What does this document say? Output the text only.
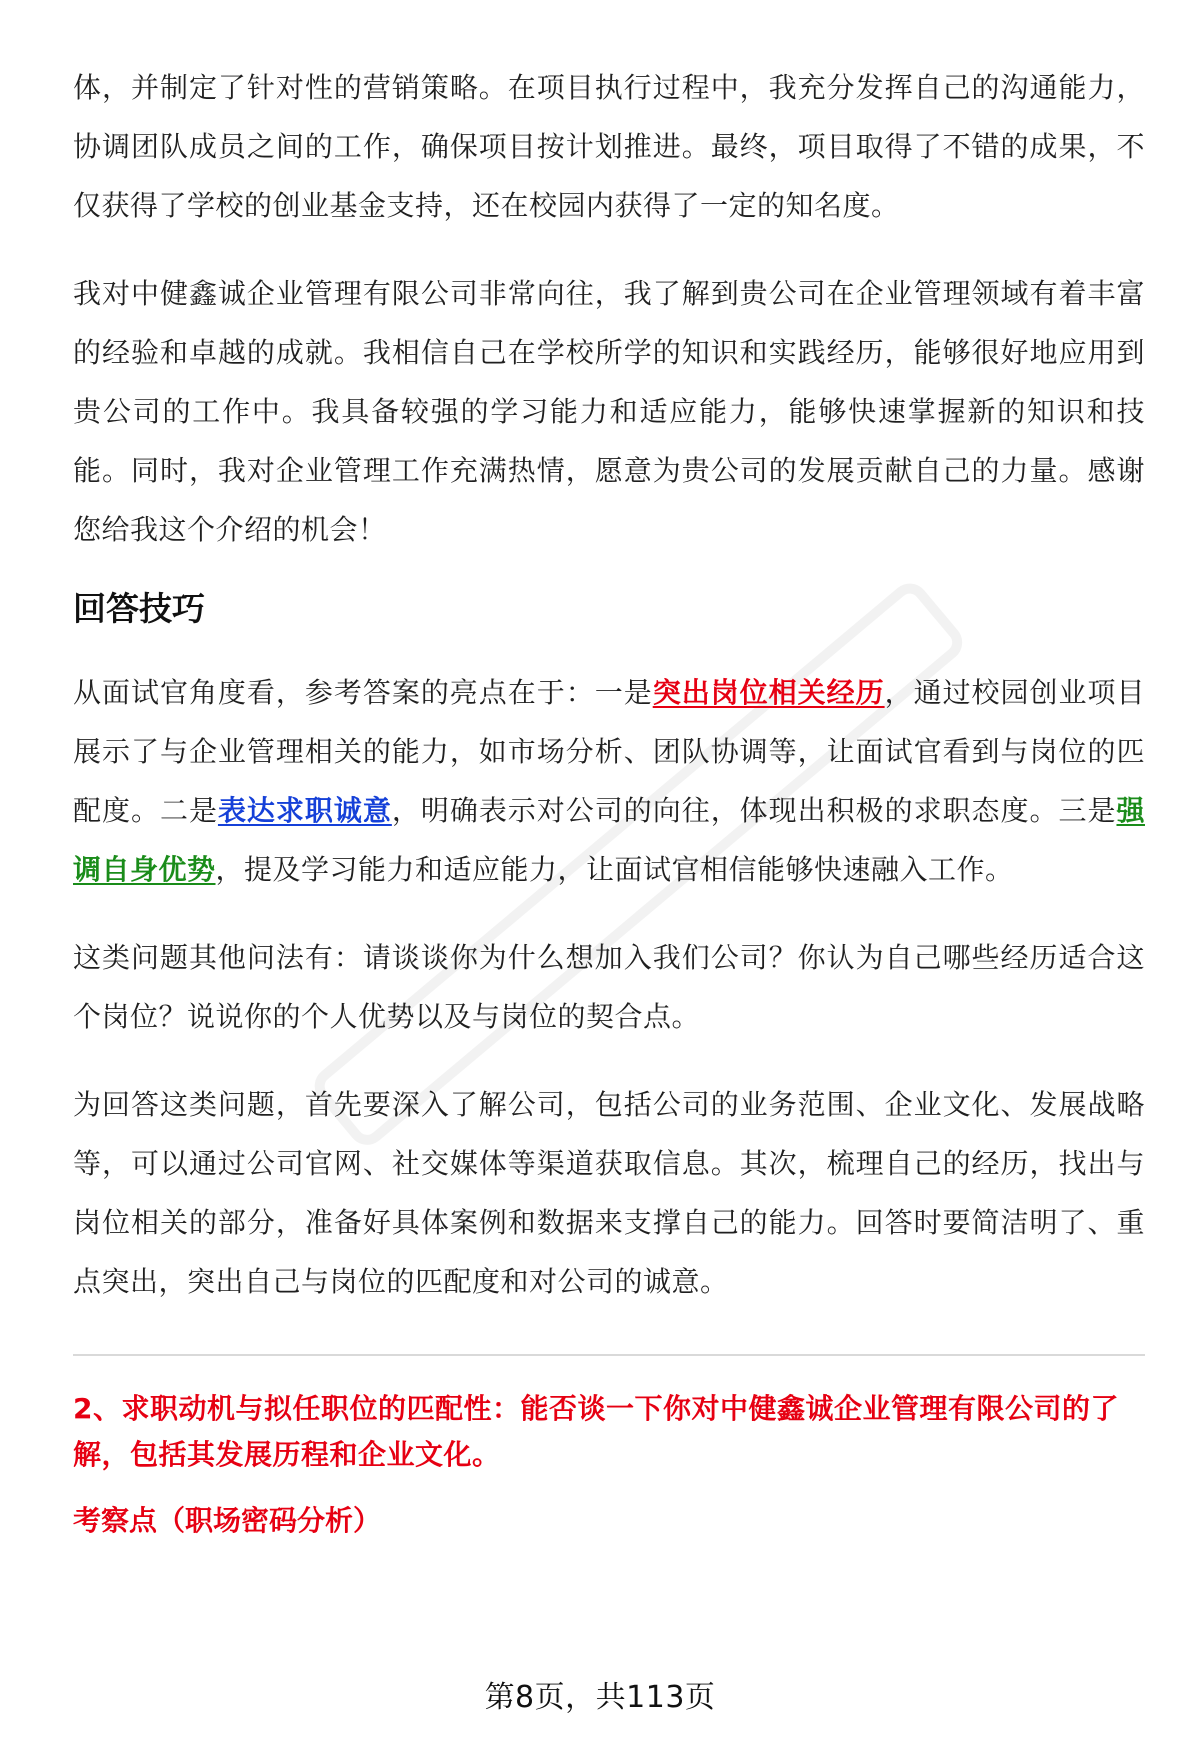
体，并制定了针对性的营销策略。在项目执行过程中，我充分发挥自己的沟通能力，协调团队成员之间的工作，确保项目按计划推进。最终，项目取得了不错的成果，不仅获得了学校的创业基金支持，还在校园内获得了一定的知名度。

我对中健鑫诚企业管理有限公司非常向往，我了解到贵公司在企业管理领域有着丰富的经验和卓越的成就。我相信自己在学校所学的知识和实践经历，能够很好地应用到贵公司的工作中。我具备较强的学习能力和适应能力，能够快速掌握新的知识和技能。同时，我对企业管理工作充满热情，愿意为贵公司的发展贡献自己的力量。感谢您给我这个介绍的机会！

回答技巧

从面试官角度看，参考答案的亮点在于：一是突出岗位相关经历，通过校园创业项目展示了与企业管理相关的能力，如市场分析、团队协调等，让面试官看到与岗位的匹配度。二是表达求职诚意，明确表示对公司的向往，体现出积极的求职态度。三是强调自身优势，提及学习能力和适应能力，让面试官相信能够快速融入工作。

这类问题其他问法有：请谈谈你为什么想加入我们公司？你认为自己哪些经历适合这个岗位？说说你的个人优势以及与岗位的契合点。

为回答这类问题，首先要深入了解公司，包括公司的业务范围、企业文化、发展战略等，可以通过公司官网、社交媒体等渠道获取信息。其次，梳理自己的经历，找出与岗位相关的部分，准备好具体案例和数据来支撑自己的能力。回答时要简洁明了、重点突出，突出自己与岗位的匹配度和对公司的诚意。

2、求职动机与拟任职位的匹配性：能否谈一下你对中健鑫诚企业管理有限公司的了解，包括其发展历程和企业文化。

考察点（职场密码分析）

第8页，共113页
